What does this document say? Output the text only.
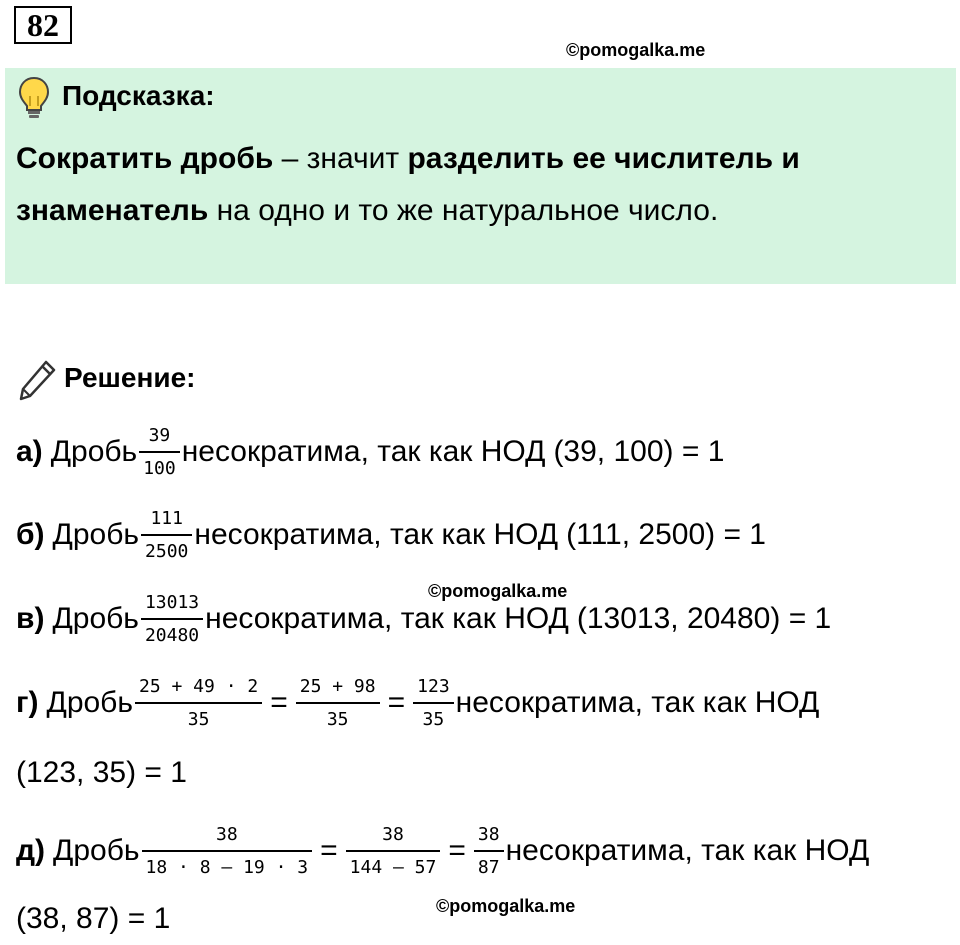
82
©pomogalka.me
©pomogalka.me
©pomogalka.me
Подсказка:
Сократить дробь – значит разделить ее числитель и
знаменатель на одно и то же натуральное число.
Решение:
а) Дробь $\frac{39}{100}$ несократима, так как НОД (39, 100) = 1
б) Дробь $\frac{111}{2500}$ несократима, так как НОД (111, 2500) = 1
в) Дробь $\frac{13013}{20480}$ несократима, так как НОД (13013, 20480) = 1
г) Дробь $\frac{25 + 49 \cdot 2}{35} = \frac{25 + 98}{35} = \frac{123}{35}$ несократима, так как НОД
(123, 35) = 1
д) Дробь $\frac{38}{18 \cdot 8 - 19 \cdot 3} = \frac{38}{144 - 57} = \frac{38}{87}$ несократима, так как НОД
(38, 87) = 1
